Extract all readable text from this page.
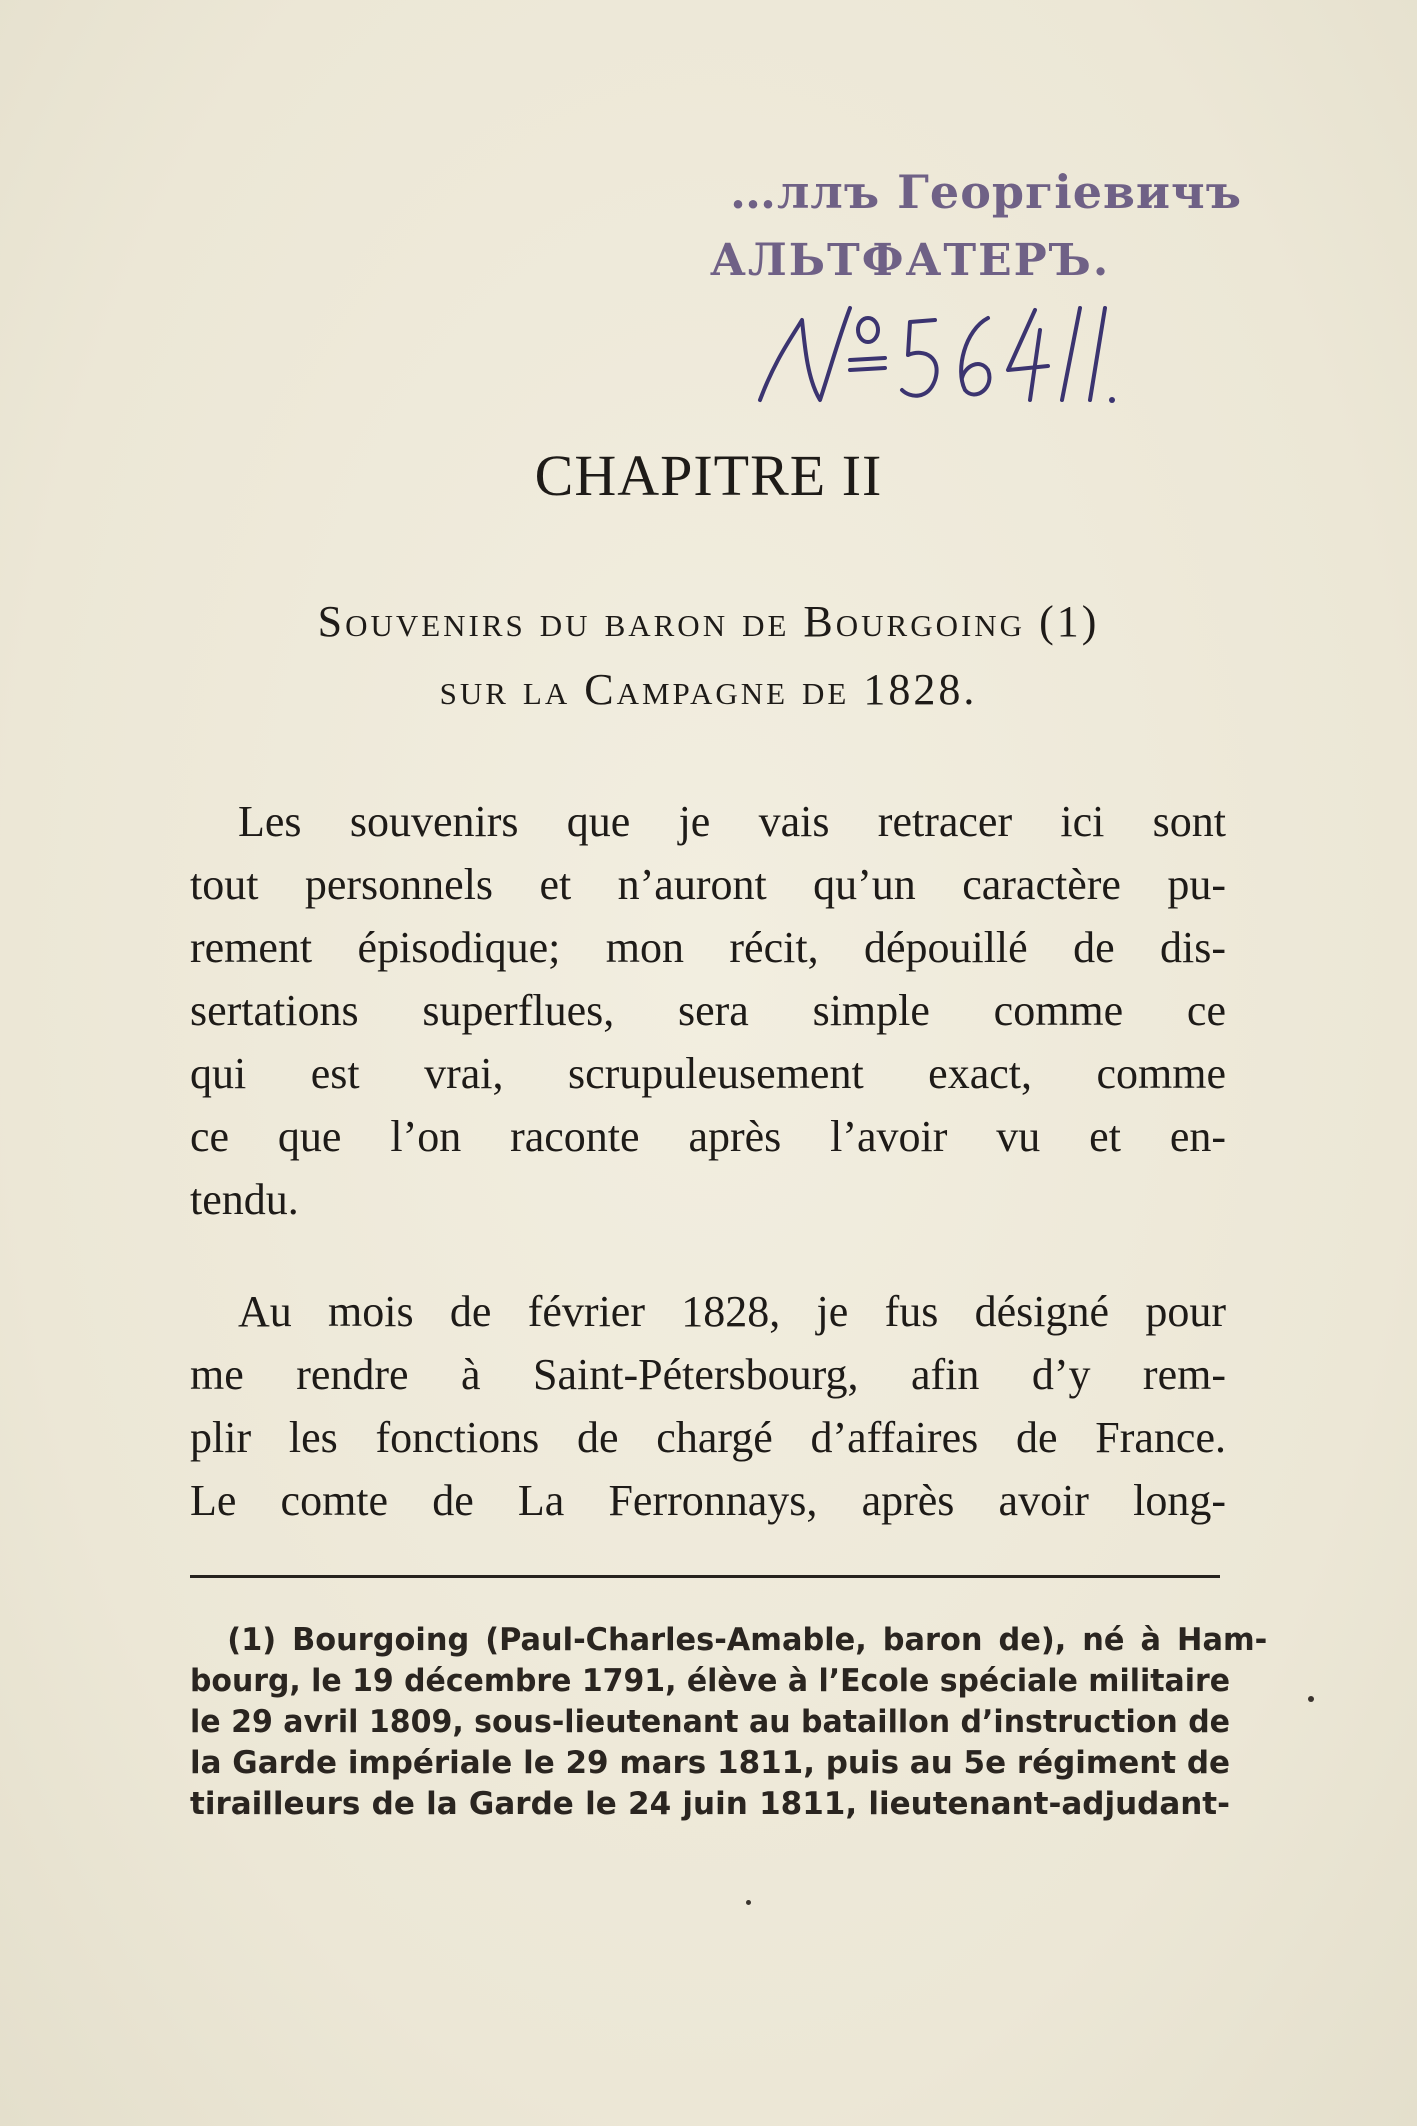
…ллъ Георгіевичъ
АЛЬТФАТЕРЪ.
CHAPITRE II
Souvenirs du baron de Bourgoing (1)
sur la Campagne de 1828.
Les souvenirs que je vais retracer ici sont
tout personnels et n’auront qu’un caractère pu-
rement épisodique; mon récit, dépouillé de dis-
sertations superflues, sera simple comme ce
qui est vrai, scrupuleusement exact, comme
ce que l’on raconte après l’avoir vu et en-
tendu.
Au mois de février 1828, je fus désigné pour
me rendre à Saint-Pétersbourg, afin d’y rem-
plir les fonctions de chargé d’affaires de France.
Le comte de La Ferronnays, après avoir long-
(1) Bourgoing (Paul-Charles-Amable, baron de), né à Ham-
bourg, le 19 décembre 1791, élève à l’Ecole spéciale militaire
le 29 avril 1809, sous-lieutenant au bataillon d’instruction de
la Garde impériale le 29 mars 1811, puis au 5e régiment de
tirailleurs de la Garde le 24 juin 1811, lieutenant-adjudant-
